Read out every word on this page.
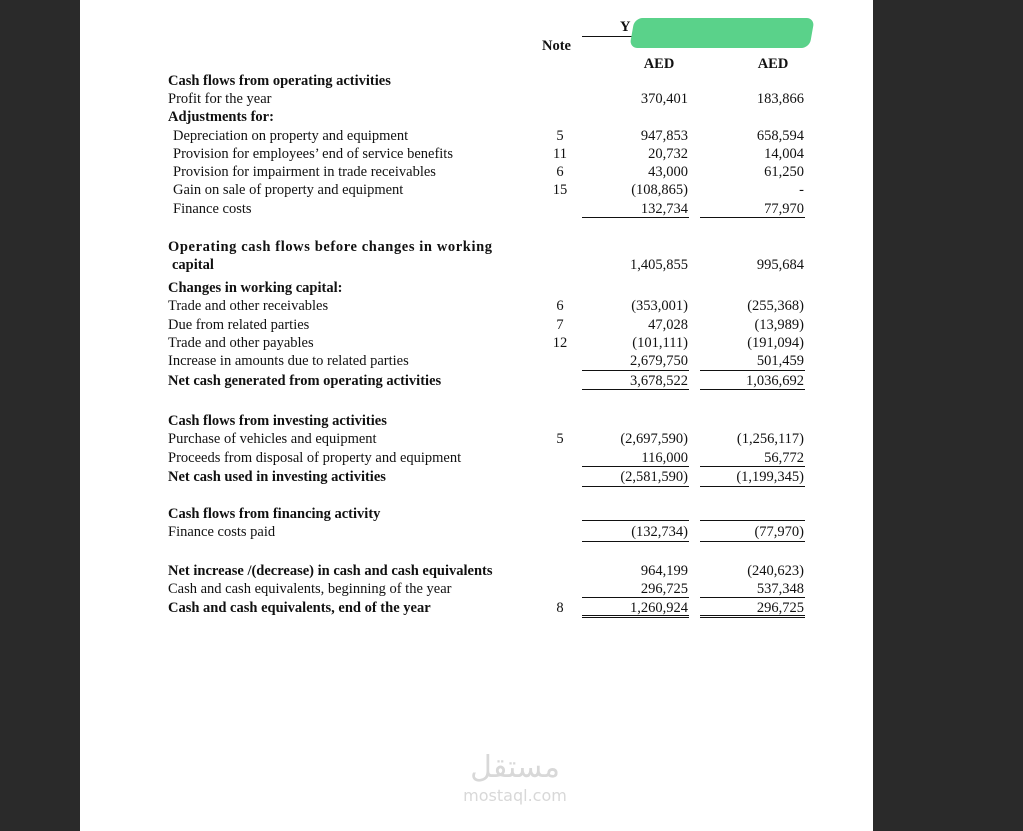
Note
Y
AED	AED
Cash flows from operating activities
Profit for the year	370,401	183,866
Adjustments for:
Depreciation on property and equipment	5	947,853	658,594
Provision for employees’ end of service benefits	11	20,732	14,004
Provision for impairment in trade receivables	6	43,000	61,250
Gain on sale of property and equipment	15	(108,865)	-
Finance costs	132,734	77,970
Operating cash flows before changes in working
capital	1,405,855	995,684
Changes in working capital:
Trade and other receivables	6	(353,001)	(255,368)
Due from related parties	7	47,028	(13,989)
Trade and other payables	12	(101,111)	(191,094)
Increase in amounts due to related parties	2,679,750	501,459
Net cash generated from operating activities	3,678,522	1,036,692
Cash flows from investing activities
Purchase of vehicles and equipment	5	(2,697,590)	(1,256,117)
Proceeds from disposal of property and equipment	116,000	56,772
Net cash used in investing activities	(2,581,590)	(1,199,345)
Cash flows from financing activity
Finance costs paid	(132,734)	(77,970)
Net increase /(decrease) in cash and cash equivalents	964,199	(240,623)
Cash and cash equivalents, beginning of the year	296,725	537,348
Cash and cash equivalents, end of the year	8	1,260,924	296,725
مستقل
mostaql.com
